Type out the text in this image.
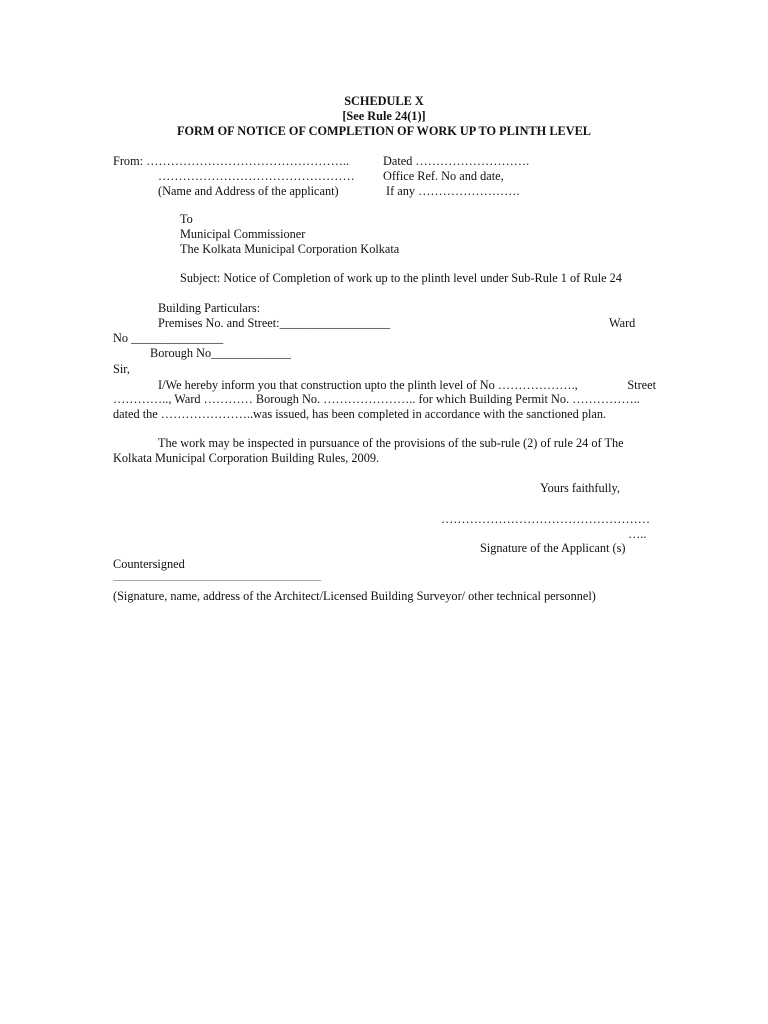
SCHEDULE X
[See Rule 24(1)]
FORM OF NOTICE OF COMPLETION OF WORK UP TO PLINTH LEVEL
From: …………………………………………..
…………………………………………
(Name and Address of the applicant)
Dated ……………………….
Office Ref. No and date,
If any …………………….
To
Municipal Commissioner
The Kolkata Municipal Corporation Kolkata
Subject: Notice of Completion of work up to the plinth level under Sub-Rule 1 of Rule 24
Building Particulars:
Premises No. and Street:__________________	Ward
No _______________
Borough No_____________
Sir,
I/We hereby inform you that construction upto the plinth level of No ……………….,	Street
………….., Ward ………… Borough No. ………………….. for which Building Permit No. ……………..
dated the …………………..was issued, has been completed in accordance with the sanctioned plan.
The work may be inspected in pursuance of the provisions of the sub-rule (2) of rule 24 of The
Kolkata Municipal Corporation Building Rules, 2009.
Yours faithfully,
……………………………………………
…..
Signature of the Applicant (s)
Countersigned
........................................................................................................
(Signature, name, address of the Architect/Licensed Building Surveyor/ other technical personnel)
